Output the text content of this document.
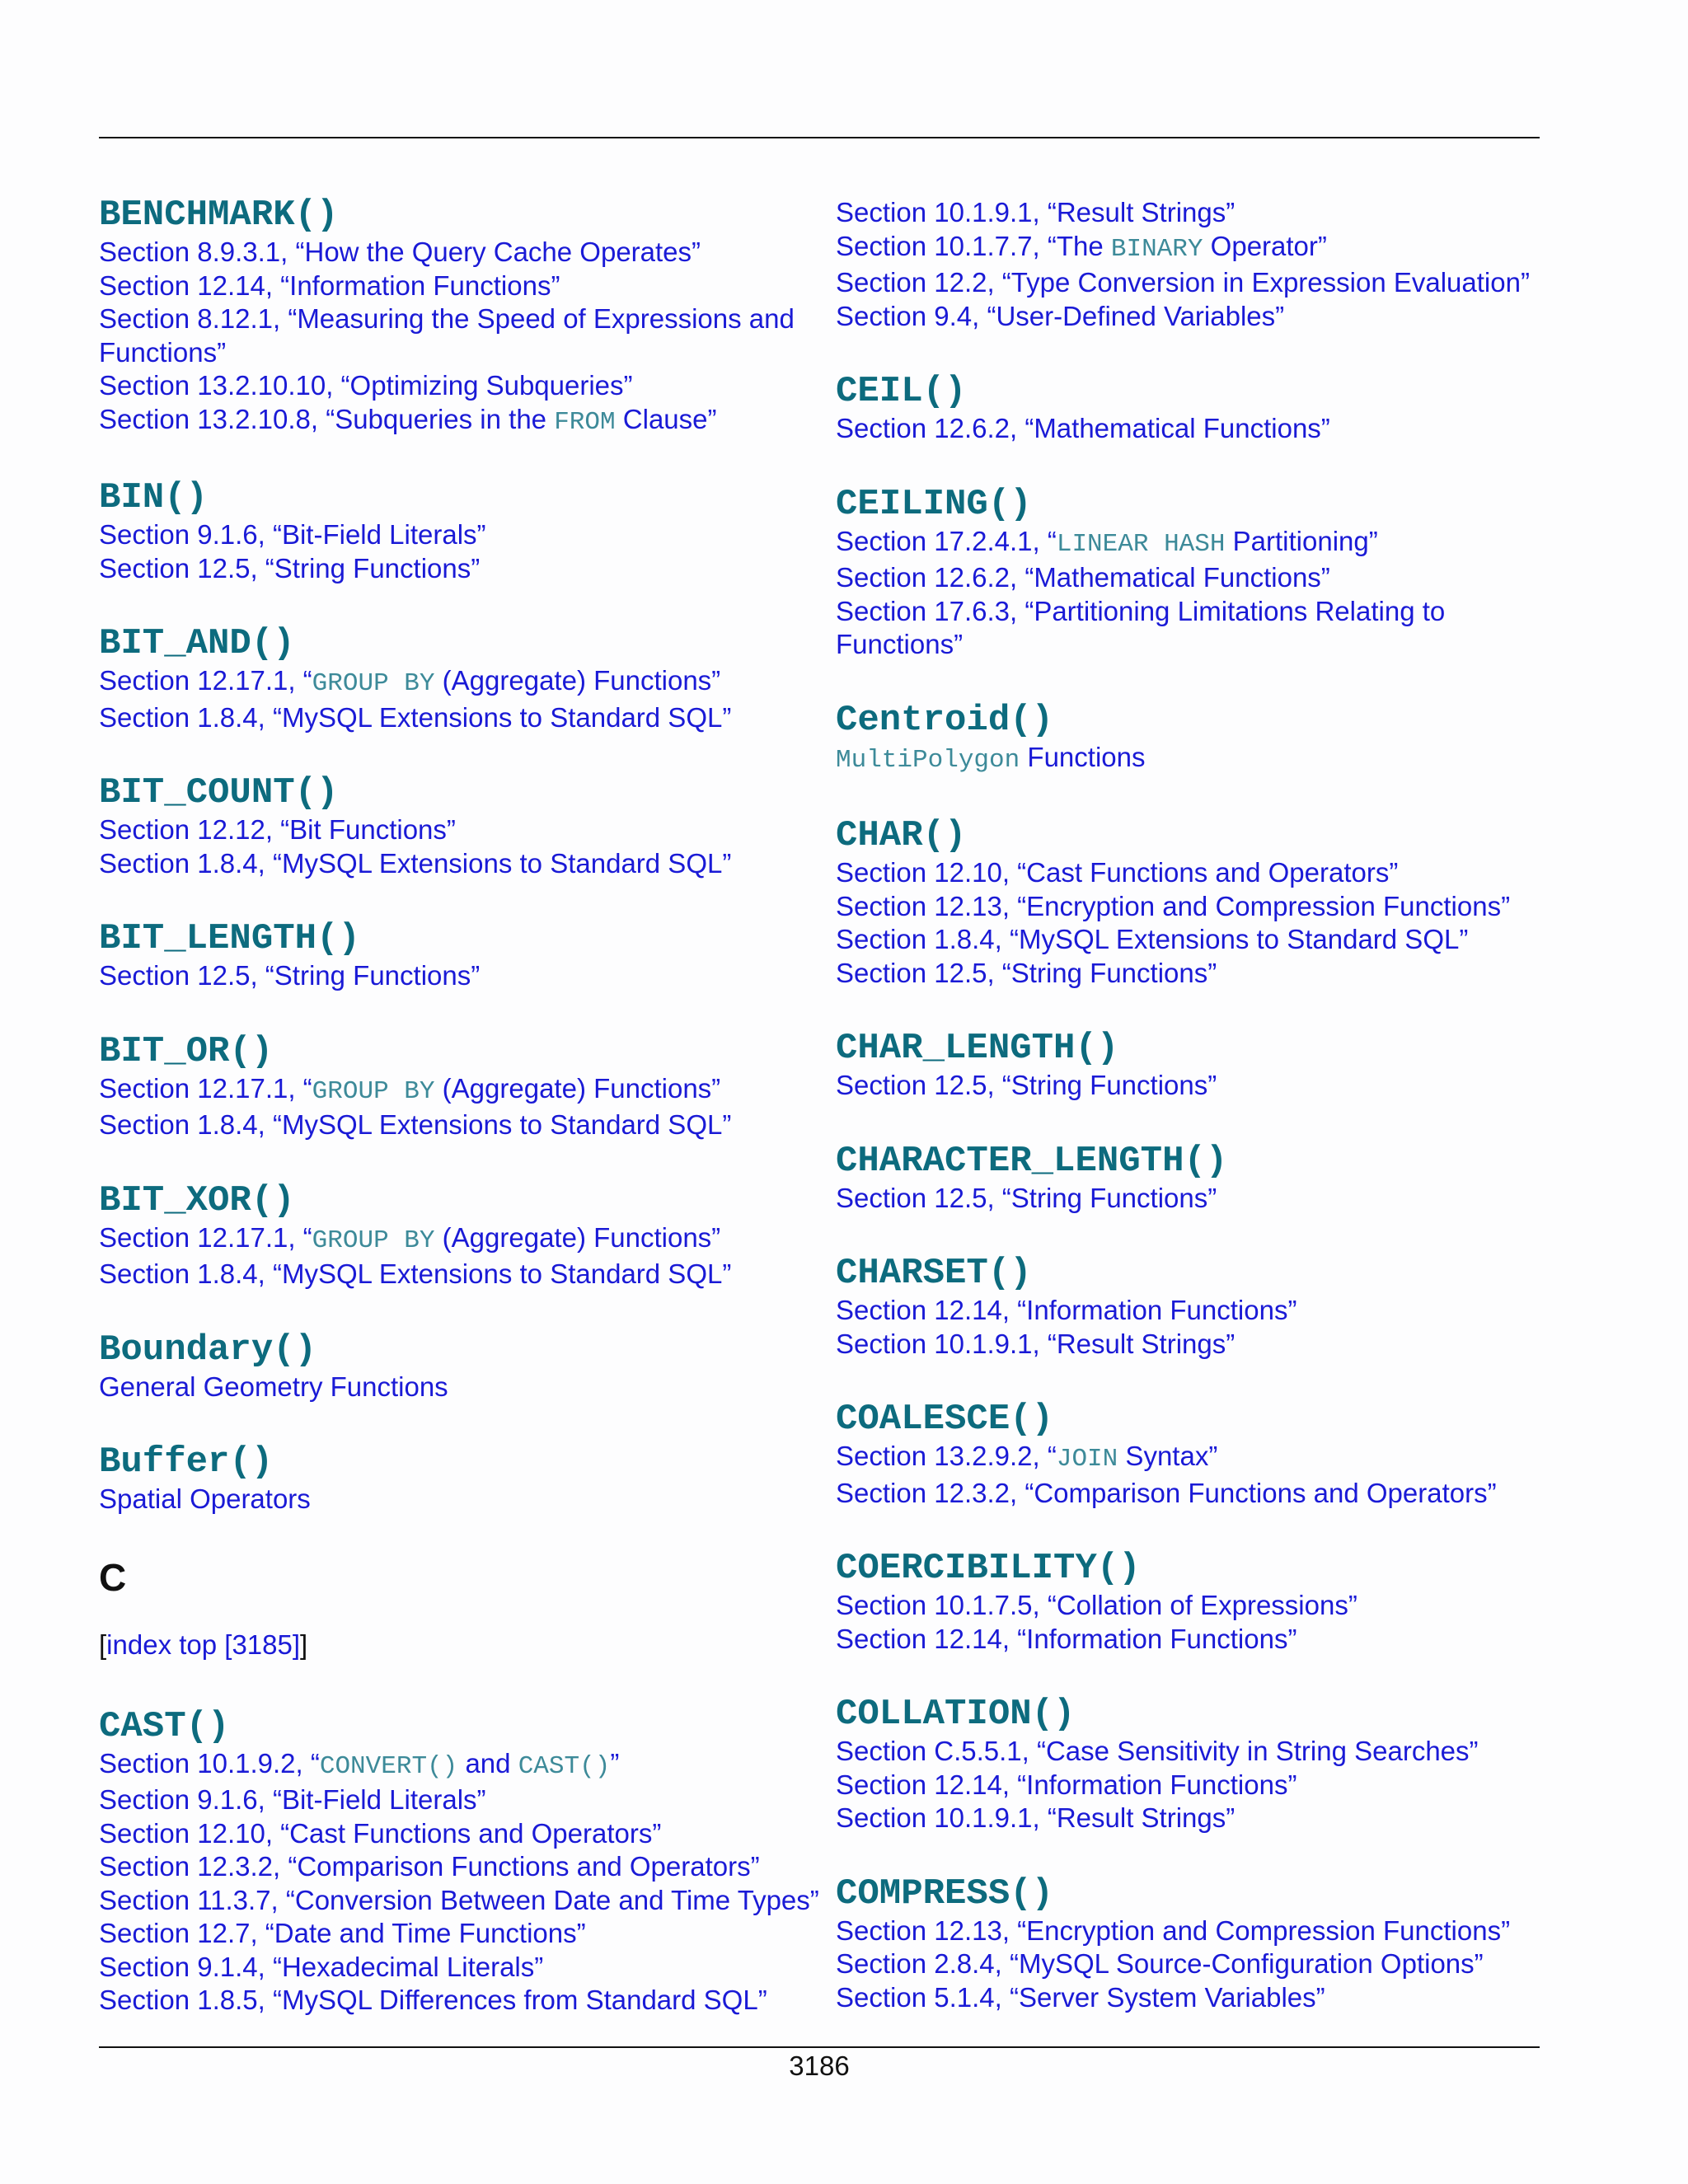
BENCHMARK()
Section 8.9.3.1, “How the Query Cache Operates”
Section 12.14, “Information Functions”
Section 8.12.1, “Measuring the Speed of Expressions and Functions”
Section 13.2.10.10, “Optimizing Subqueries”
Section 13.2.10.8, “Subqueries in the FROM Clause”
BIN()
Section 9.1.6, “Bit-Field Literals”
Section 12.5, “String Functions”
BIT_AND()
Section 12.17.1, “GROUP BY (Aggregate) Functions”
Section 1.8.4, “MySQL Extensions to Standard SQL”
BIT_COUNT()
Section 12.12, “Bit Functions”
Section 1.8.4, “MySQL Extensions to Standard SQL”
BIT_LENGTH()
Section 12.5, “String Functions”
BIT_OR()
Section 12.17.1, “GROUP BY (Aggregate) Functions”
Section 1.8.4, “MySQL Extensions to Standard SQL”
BIT_XOR()
Section 12.17.1, “GROUP BY (Aggregate) Functions”
Section 1.8.4, “MySQL Extensions to Standard SQL”
Boundary()
General Geometry Functions
Buffer()
Spatial Operators
C
[index top [3185]]
CAST()
Section 10.1.9.2, “CONVERT() and CAST()”
Section 9.1.6, “Bit-Field Literals”
Section 12.10, “Cast Functions and Operators”
Section 12.3.2, “Comparison Functions and Operators”
Section 11.3.7, “Conversion Between Date and Time Types”
Section 12.7, “Date and Time Functions”
Section 9.1.4, “Hexadecimal Literals”
Section 1.8.5, “MySQL Differences from Standard SQL”
Section 10.1.9.1, “Result Strings”
Section 10.1.7.7, “The BINARY Operator”
Section 12.2, “Type Conversion in Expression Evaluation”
Section 9.4, “User-Defined Variables”
CEIL()
Section 12.6.2, “Mathematical Functions”
CEILING()
Section 17.2.4.1, “LINEAR HASH Partitioning”
Section 12.6.2, “Mathematical Functions”
Section 17.6.3, “Partitioning Limitations Relating to Functions”
Centroid()
MultiPolygon Functions
CHAR()
Section 12.10, “Cast Functions and Operators”
Section 12.13, “Encryption and Compression Functions”
Section 1.8.4, “MySQL Extensions to Standard SQL”
Section 12.5, “String Functions”
CHAR_LENGTH()
Section 12.5, “String Functions”
CHARACTER_LENGTH()
Section 12.5, “String Functions”
CHARSET()
Section 12.14, “Information Functions”
Section 10.1.9.1, “Result Strings”
COALESCE()
Section 13.2.9.2, “JOIN Syntax”
Section 12.3.2, “Comparison Functions and Operators”
COERCIBILITY()
Section 10.1.7.5, “Collation of Expressions”
Section 12.14, “Information Functions”
COLLATION()
Section C.5.5.1, “Case Sensitivity in String Searches”
Section 12.14, “Information Functions”
Section 10.1.9.1, “Result Strings”
COMPRESS()
Section 12.13, “Encryption and Compression Functions”
Section 2.8.4, “MySQL Source-Configuration Options”
Section 5.1.4, “Server System Variables”
3186
